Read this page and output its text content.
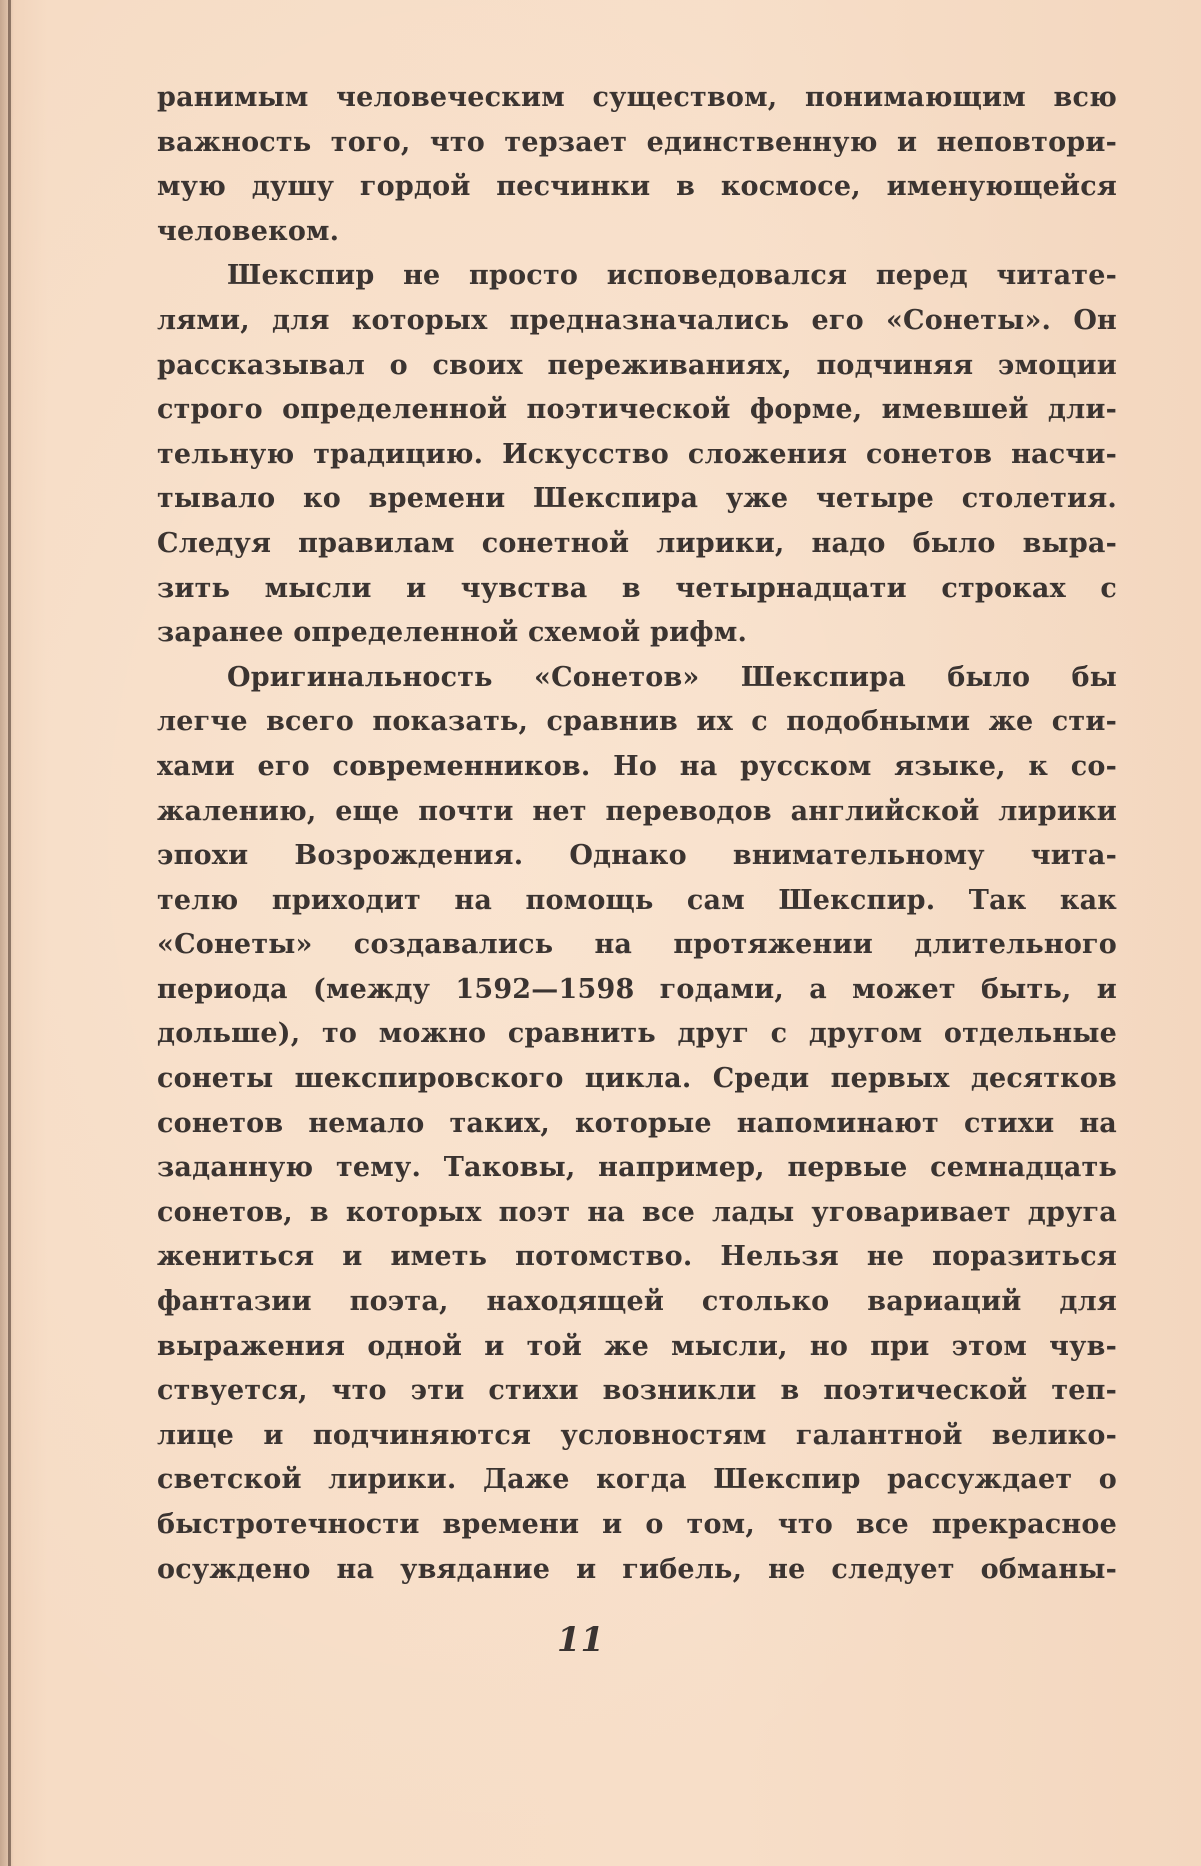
ранимым человеческим существом, понимающим всю
важность того, что терзает единственную и неповтори-
мую душу гордой песчинки в космосе, именующейся
человеком.
Шекспир не просто исповедовался перед читате-
лями, для которых предназначались его «Сонеты». Он
рассказывал о своих переживаниях, подчиняя эмоции
строго определенной поэтической форме, имевшей дли-
тельную традицию. Искусство сложения сонетов насчи-
тывало ко времени Шекспира уже четыре столетия.
Следуя правилам сонетной лирики, надо было выра-
зить мысли и чувства в четырнадцати строках с
заранее определенной схемой рифм.
Оригинальность «Сонетов» Шекспира было бы
легче всего показать, сравнив их с подобными же сти-
хами его современников. Но на русском языке, к со-
жалению, еще почти нет переводов английской лирики
эпохи Возрождения. Однако внимательному чита-
телю приходит на помощь сам Шекспир. Так как
«Сонеты» создавались на протяжении длительного
периода (между 1592—1598 годами, а может быть, и
дольше), то можно сравнить друг с другом отдельные
сонеты шекспировского цикла. Среди первых десятков
сонетов немало таких, которые напоминают стихи на
заданную тему. Таковы, например, первые семнадцать
сонетов, в которых поэт на все лады уговаривает друга
жениться и иметь потомство. Нельзя не поразиться
фантазии поэта, находящей столько вариаций для
выражения одной и той же мысли, но при этом чув-
ствуется, что эти стихи возникли в поэтической теп-
лице и подчиняются условностям галантной велико-
светской лирики. Даже когда Шекспир рассуждает о
быстротечности времени и о том, что все прекрасное
осуждено на увядание и гибель, не следует обманы-
11
